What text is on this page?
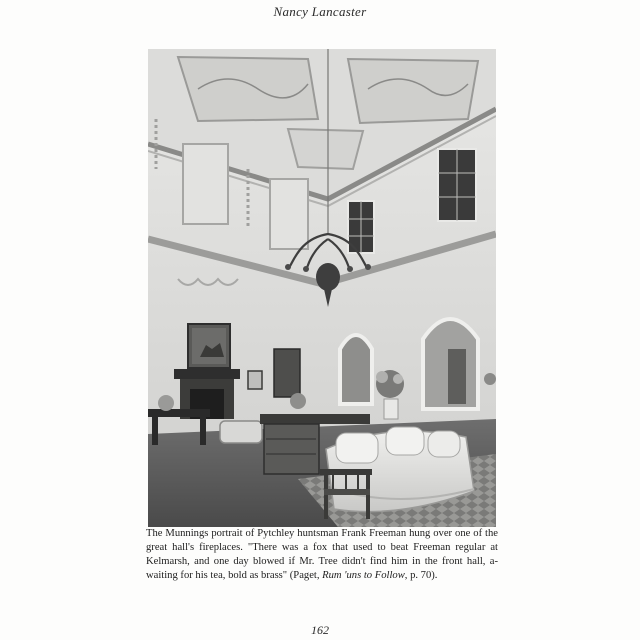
Nancy Lancaster
The Munnings portrait of Pytchley huntsman Frank Freeman hung over one of the great hall's fireplaces. "There was a fox that used to beat Freeman regular at Kelmarsh, and one day blowed if Mr. Tree didn't find him in the front hall, a-waiting for his tea, bold as brass" (Paget, Rum 'uns to Follow, p. 70).
162
